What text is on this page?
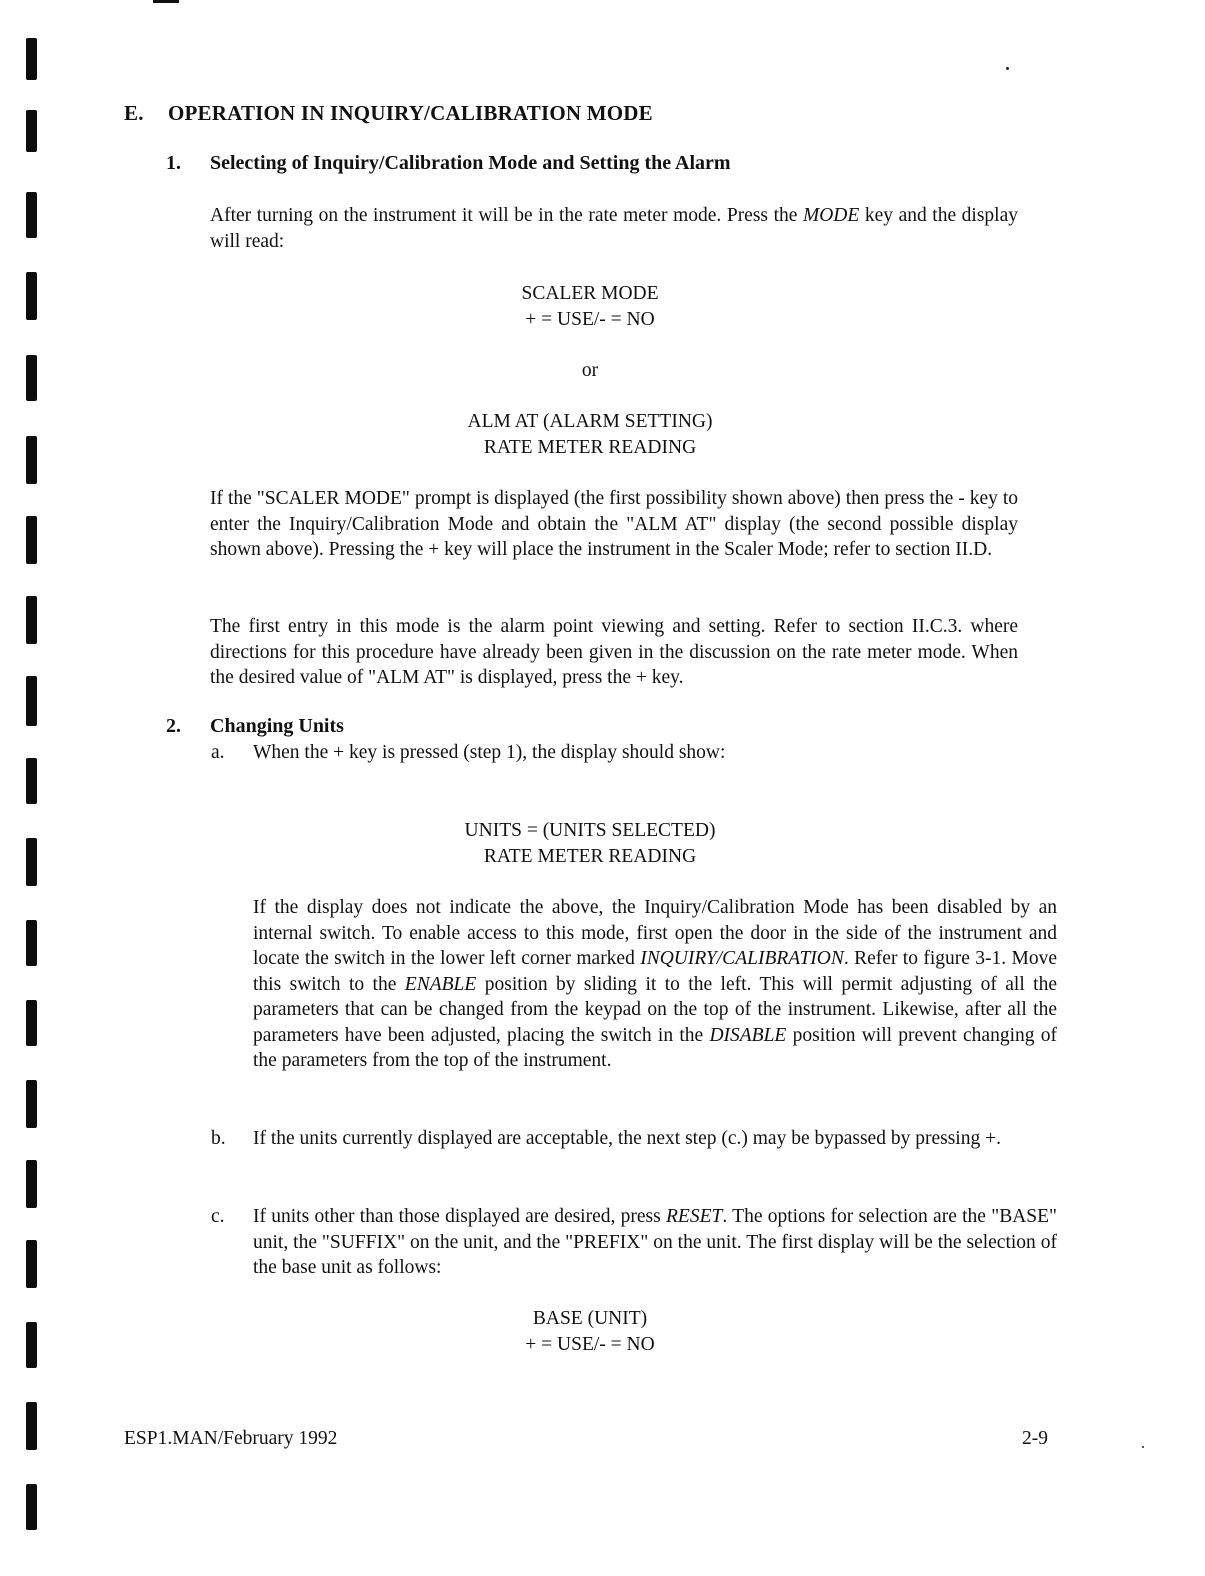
E. OPERATION IN INQUIRY/CALIBRATION MODE
1. Selecting of Inquiry/Calibration Mode and Setting the Alarm

After turning on the instrument it will be in the rate meter mode. Press the MODE key and the display will read:

SCALER MODE
+ = USE/- = NO
or
ALM AT (ALARM SETTING)
RATE METER READING

If the "SCALER MODE" prompt is displayed (the first possibility shown above) then press the - key to enter the Inquiry/Calibration Mode and obtain the "ALM AT" display (the second possible display shown above). Pressing the + key will place the instrument in the Scaler Mode; refer to section II.D.

The first entry in this mode is the alarm point viewing and setting. Refer to section II.C.3. where directions for this procedure have already been given in the discussion on the rate meter mode. When the desired value of "ALM AT" is displayed, press the + key.

2. Changing Units
a. When the + key is pressed (step 1), the display should show:
UNITS = (UNITS SELECTED)
RATE METER READING

If the display does not indicate the above, the Inquiry/Calibration Mode has been disabled by an internal switch. To enable access to this mode, first open the door in the side of the instrument and locate the switch in the lower left corner marked INQUIRY/CALIBRATION. Refer to figure 3-1. Move this switch to the ENABLE position by sliding it to the left. This will permit adjusting of all the parameters that can be changed from the keypad on the top of the instrument. Likewise, after all the parameters have been adjusted, placing the switch in the DISABLE position will prevent changing of the parameters from the top of the instrument.

b. If the units currently displayed are acceptable, the next step (c.) may be bypassed by pressing +.
c. If units other than those displayed are desired, press RESET. The options for selection are the "BASE" unit, the "SUFFIX" on the unit, and the "PREFIX" on the unit. The first display will be the selection of the base unit as follows:
BASE (UNIT)
+ = USE/- = NO
ESP1.MAN/February 1992	2-9
